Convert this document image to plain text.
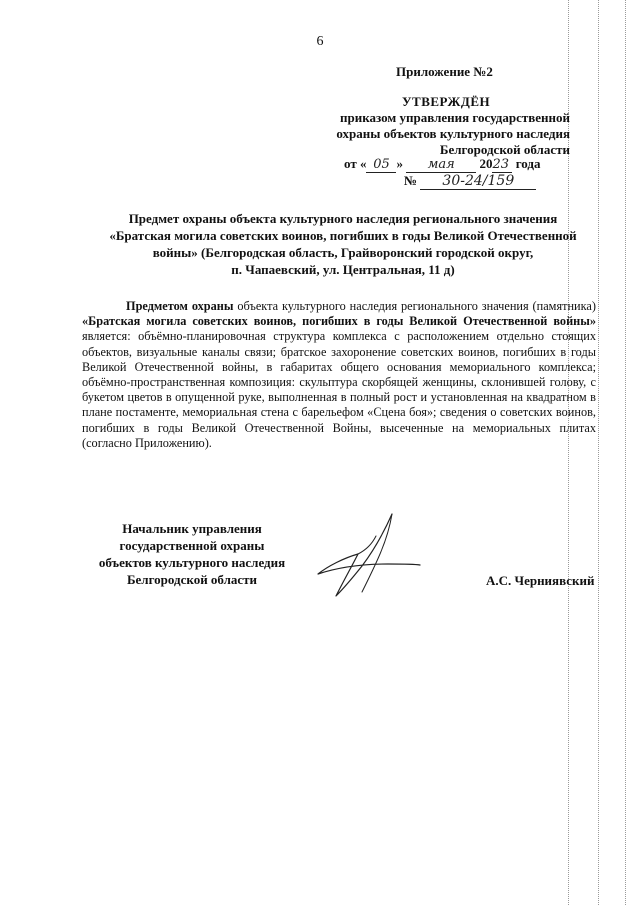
6
Приложение №2
УТВЕРЖДЁН
приказом управления государственной
охраны объектов культурного наследия
Белгородской области
от « 05 » мая 2023 года
№ 30-24/159
Предмет охраны объекта культурного наследия регионального значения
«Братская могила советских воинов, погибших в годы Великой Отечественной
войны» (Белгородская область, Грайворонский городской округ,
п. Чапаевский, ул. Центральная, 11 д)

Предметом охраны объекта культурного наследия регионального значения (памятника) «Братская могила советских воинов, погибших в годы Великой Отечественной войны» является: объёмно-планировочная структура комплекса с расположением отдельно стоящих объектов, визуальные каналы связи; братское захоронение советских воинов, погибших в годы Великой Отечественной войны, в габаритах общего основания мемориального комплекса; объёмно-пространственная композиция: скульптура скорбящей женщины, склонившей голову, с букетом цветов в опущенной руке, выполненная в полный рост и установленная на квадратном в плане постаменте, мемориальная стена с барельефом «Сцена боя»; сведения о советских воинов, погибших в годы Великой Отечественной Войны, высеченные на мемориальных плитах (согласно Приложению).

Начальник управления
государственной охраны
объектов культурного наследия
Белгородской области	А.С. Черниявский
